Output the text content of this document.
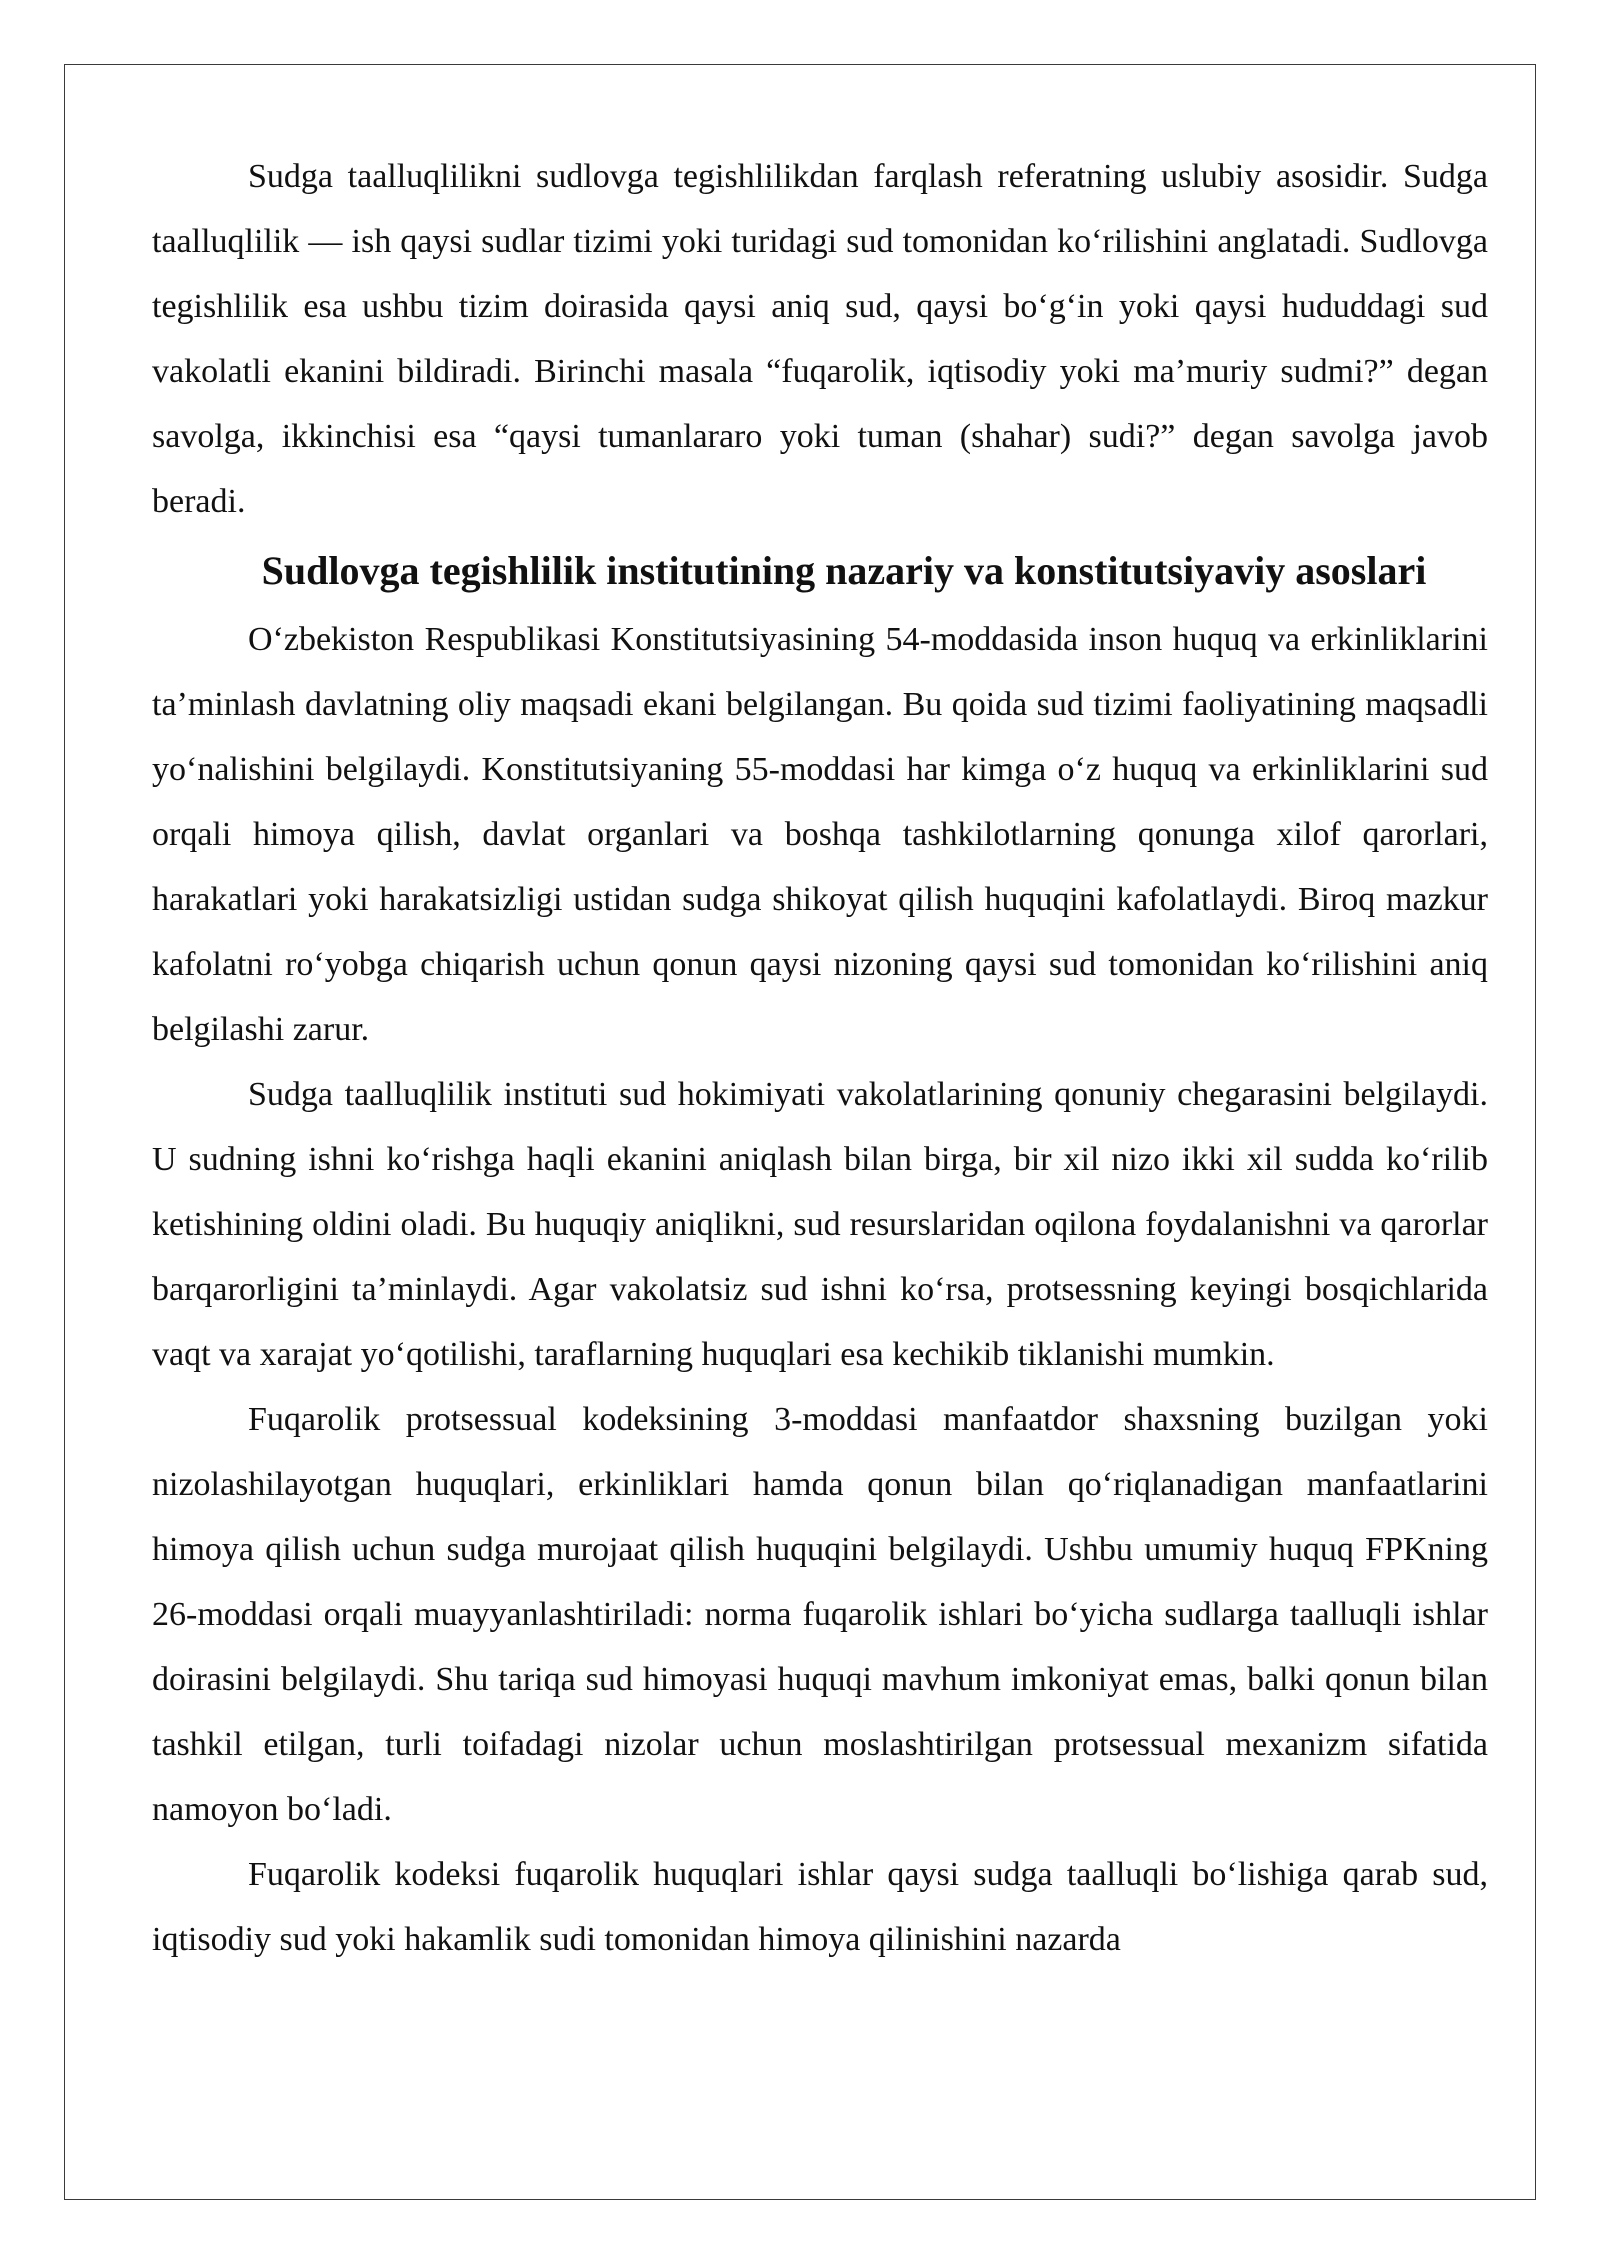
Sudga taalluqlilikni sudlovga tegishlilikdan farqlash referatning uslubiy asosidir. Sudga taalluqlilik — ish qaysi sudlar tizimi yoki turidagi sud tomonidan ko‘rilishini anglatadi. Sudlovga tegishlilik esa ushbu tizim doirasida qaysi aniq sud, qaysi bo‘g‘in yoki qaysi hududdagi sud vakolatli ekanini bildiradi. Birinchi masala “fuqarolik, iqtisodiy yoki ma’muriy sudmi?” degan savolga, ikkinchisi esa “qaysi tumanlararo yoki tuman (shahar) sudi?” degan savolga javob beradi.

Sudlovga tegishlilik institutining nazariy va konstitutsiyaviy asoslari

O‘zbekiston Respublikasi Konstitutsiyasining 54-moddasida inson huquq va erkinliklarini ta’minlash davlatning oliy maqsadi ekani belgilangan. Bu qoida sud tizimi faoliyatining maqsadli yo‘nalishini belgilaydi. Konstitutsiyaning 55-moddasi har kimga o‘z huquq va erkinliklarini sud orqali himoya qilish, davlat organlari va boshqa tashkilotlarning qonunga xilof qarorlari, harakatlari yoki harakatsizligi ustidan sudga shikoyat qilish huquqini kafolatlaydi. Biroq mazkur kafolatni ro‘yobga chiqarish uchun qonun qaysi nizoning qaysi sud tomonidan ko‘rilishini aniq belgilashi zarur.

Sudga taalluqlilik instituti sud hokimiyati vakolatlarining qonuniy chegarasini belgilaydi. U sudning ishni ko‘rishga haqli ekanini aniqlash bilan birga, bir xil nizo ikki xil sudda ko‘rilib ketishining oldini oladi. Bu huquqiy aniqlikni, sud resurslaridan oqilona foydalanishni va qarorlar barqarorligini ta’minlaydi. Agar vakolatsiz sud ishni ko‘rsa, protsessning keyingi bosqichlarida vaqt va xarajat yo‘qotilishi, taraflarning huquqlari esa kechikib tiklanishi mumkin.

Fuqarolik protsessual kodeksining 3-moddasi manfaatdor shaxsning buzilgan yoki nizolashilayotgan huquqlari, erkinliklari hamda qonun bilan qo‘riqlanadigan manfaatlarini himoya qilish uchun sudga murojaat qilish huquqini belgilaydi. Ushbu umumiy huquq FPKning 26-moddasi orqali muayyanlashtiriladi: norma fuqarolik ishlari bo‘yicha sudlarga taalluqli ishlar doirasini belgilaydi. Shu tariqa sud himoyasi huquqi mavhum imkoniyat emas, balki qonun bilan tashkil etilgan, turli toifadagi nizolar uchun moslashtirilgan protsessual mexanizm sifatida namoyon bo‘ladi.

Fuqarolik kodeksi fuqarolik huquqlari ishlar qaysi sudga taalluqli bo‘lishiga qarab sud, iqtisodiy sud yoki hakamlik sudi tomonidan himoya qilinishini nazarda
